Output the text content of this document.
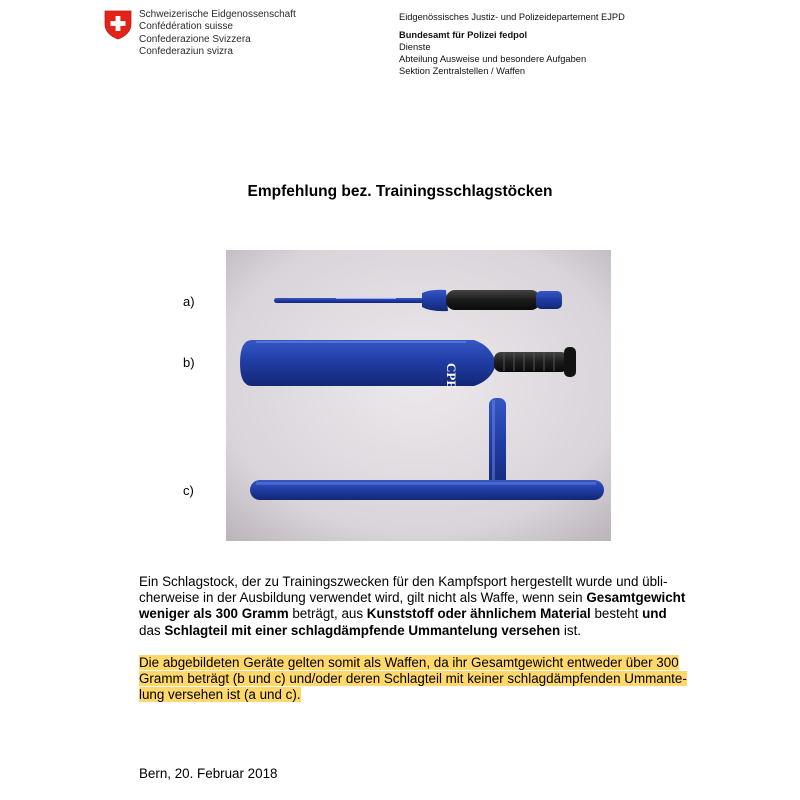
Schweizerische Eidgenossenschaft
Confédération suisse
Confederazione Svizzera
Confederaziun svizra
Eidgenössisches Justiz- und Polizeidepartement EJPD
Bundesamt für Polizei fedpol
Dienste
Abteilung Ausweise und besondere Aufgaben
Sektion Zentralstellen / Waffen
Empfehlung bez. Trainingsschlagstöcken
CPE
a)
b)
c)
Ein Schlagstock, der zu Trainingszwecken für den Kampfsport hergestellt wurde und übli-
cherweise in der Ausbildung verwendet wird, gilt nicht als Waffe, wenn sein Gesamtgewicht
weniger als 300 Gramm beträgt, aus Kunststoff oder ähnlichem Material besteht und
das Schlagteil mit einer schlagdämpfende Ummantelung versehen ist.
Die abgebildeten Geräte gelten somit als Waffen, da ihr Gesamtgewicht entweder über 300
Gramm beträgt (b und c) und/oder deren Schlagteil mit keiner schlagdämpfenden Ummante-
lung versehen ist (a und c).
Bern, 20. Februar 2018
